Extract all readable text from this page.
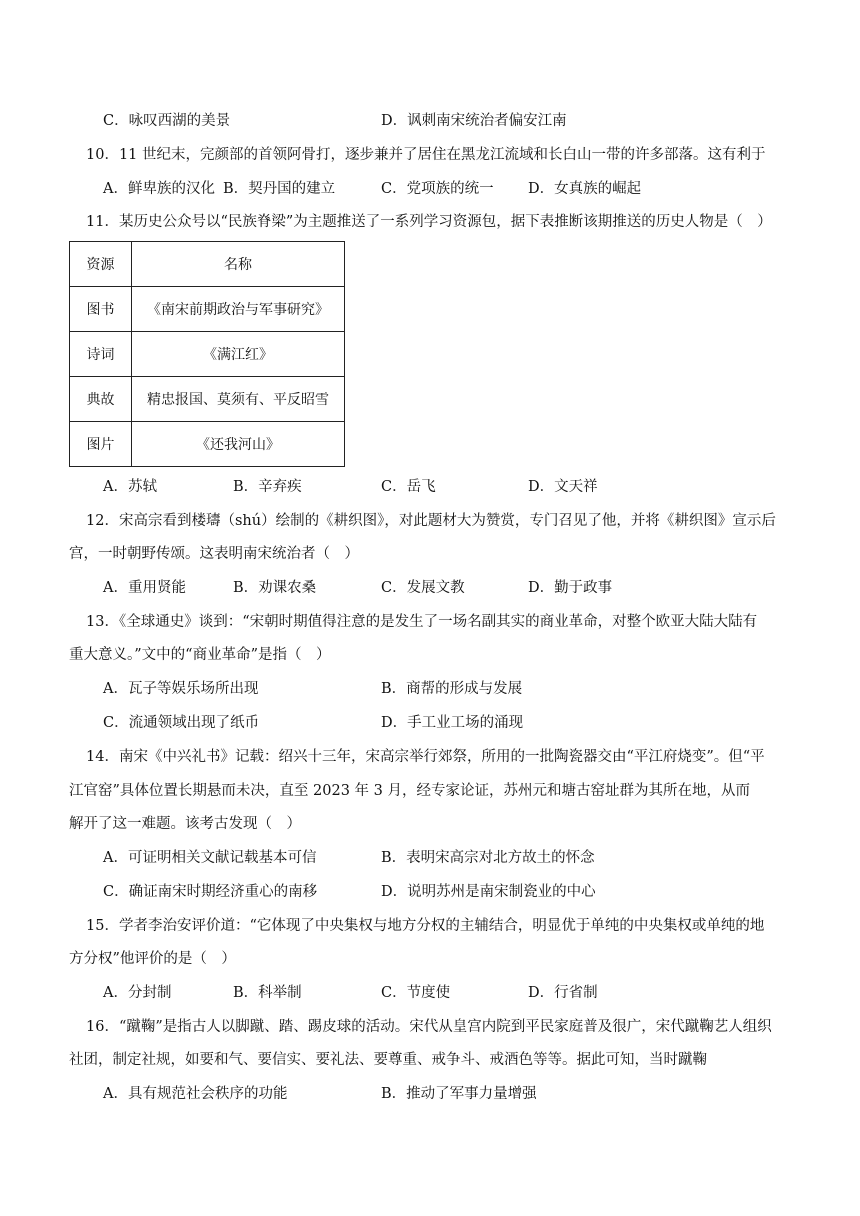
C．咏叹西湖的美景	D．讽刺南宋统治者偏安江南
10．11 世纪末，完颜部的首领阿骨打，逐步兼并了居住在黑龙江流域和长白山一带的许多部落。这有利于
A．鲜卑族的汉化 B．契丹国的建立	C．党项族的统一 D．女真族的崛起
11．某历史公众号以“民族脊梁”为主题推送了一系列学习资源包，据下表推断该期推送的历史人物是（　）
资源	名称
图书	《南宋前期政治与军事研究》
诗词	《满江红》
典故	精忠报国、莫须有、平反昭雪
图片	《还我河山》
A．苏轼	B．辛弃疾	C．岳飞	D．文天祥
12．宋高宗看到楼璹（shú）绘制的《耕织图》，对此题材大为赞赏，专门召见了他，并将《耕织图》宣示后
宫，一时朝野传颂。这表明南宋统治者（　）
A．重用贤能	B．劝课农桑	C．发展文教	D．勤于政事
13．《全球通史》谈到：“宋朝时期值得注意的是发生了一场名副其实的商业革命，对整个欧亚大陆大陆有
重大意义。”文中的“商业革命”是指（　）
A．瓦子等娱乐场所出现	B．商帮的形成与发展
C．流通领域出现了纸币	D．手工业工场的涌现
14．南宋《中兴礼书》记载：绍兴十三年，宋高宗举行郊祭，所用的一批陶瓷器交由“平江府烧变”。但“平
江官窑”具体位置长期悬而未决，直至 2023 年 3 月，经专家论证，苏州元和塘古窑址群为其所在地，从而
解开了这一难题。该考古发现（　）
A．可证明相关文献记载基本可信	B．表明宋高宗对北方故土的怀念
C．确证南宋时期经济重心的南移	D．说明苏州是南宋制瓷业的中心
15．学者李治安评价道：“它体现了中央集权与地方分权的主辅结合，明显优于单纯的中央集权或单纯的地
方分权”他评价的是（　）
A．分封制	B．科举制	C．节度使	D．行省制
16．“蹴鞠”是指古人以脚蹴、踏、踢皮球的活动。宋代从皇宫内院到平民家庭普及很广，宋代蹴鞠艺人组织
社团，制定社规，如要和气、要信实、要礼法、要尊重、戒争斗、戒酒色等等。据此可知，当时蹴鞠
A．具有规范社会秩序的功能	B．推动了军事力量增强
